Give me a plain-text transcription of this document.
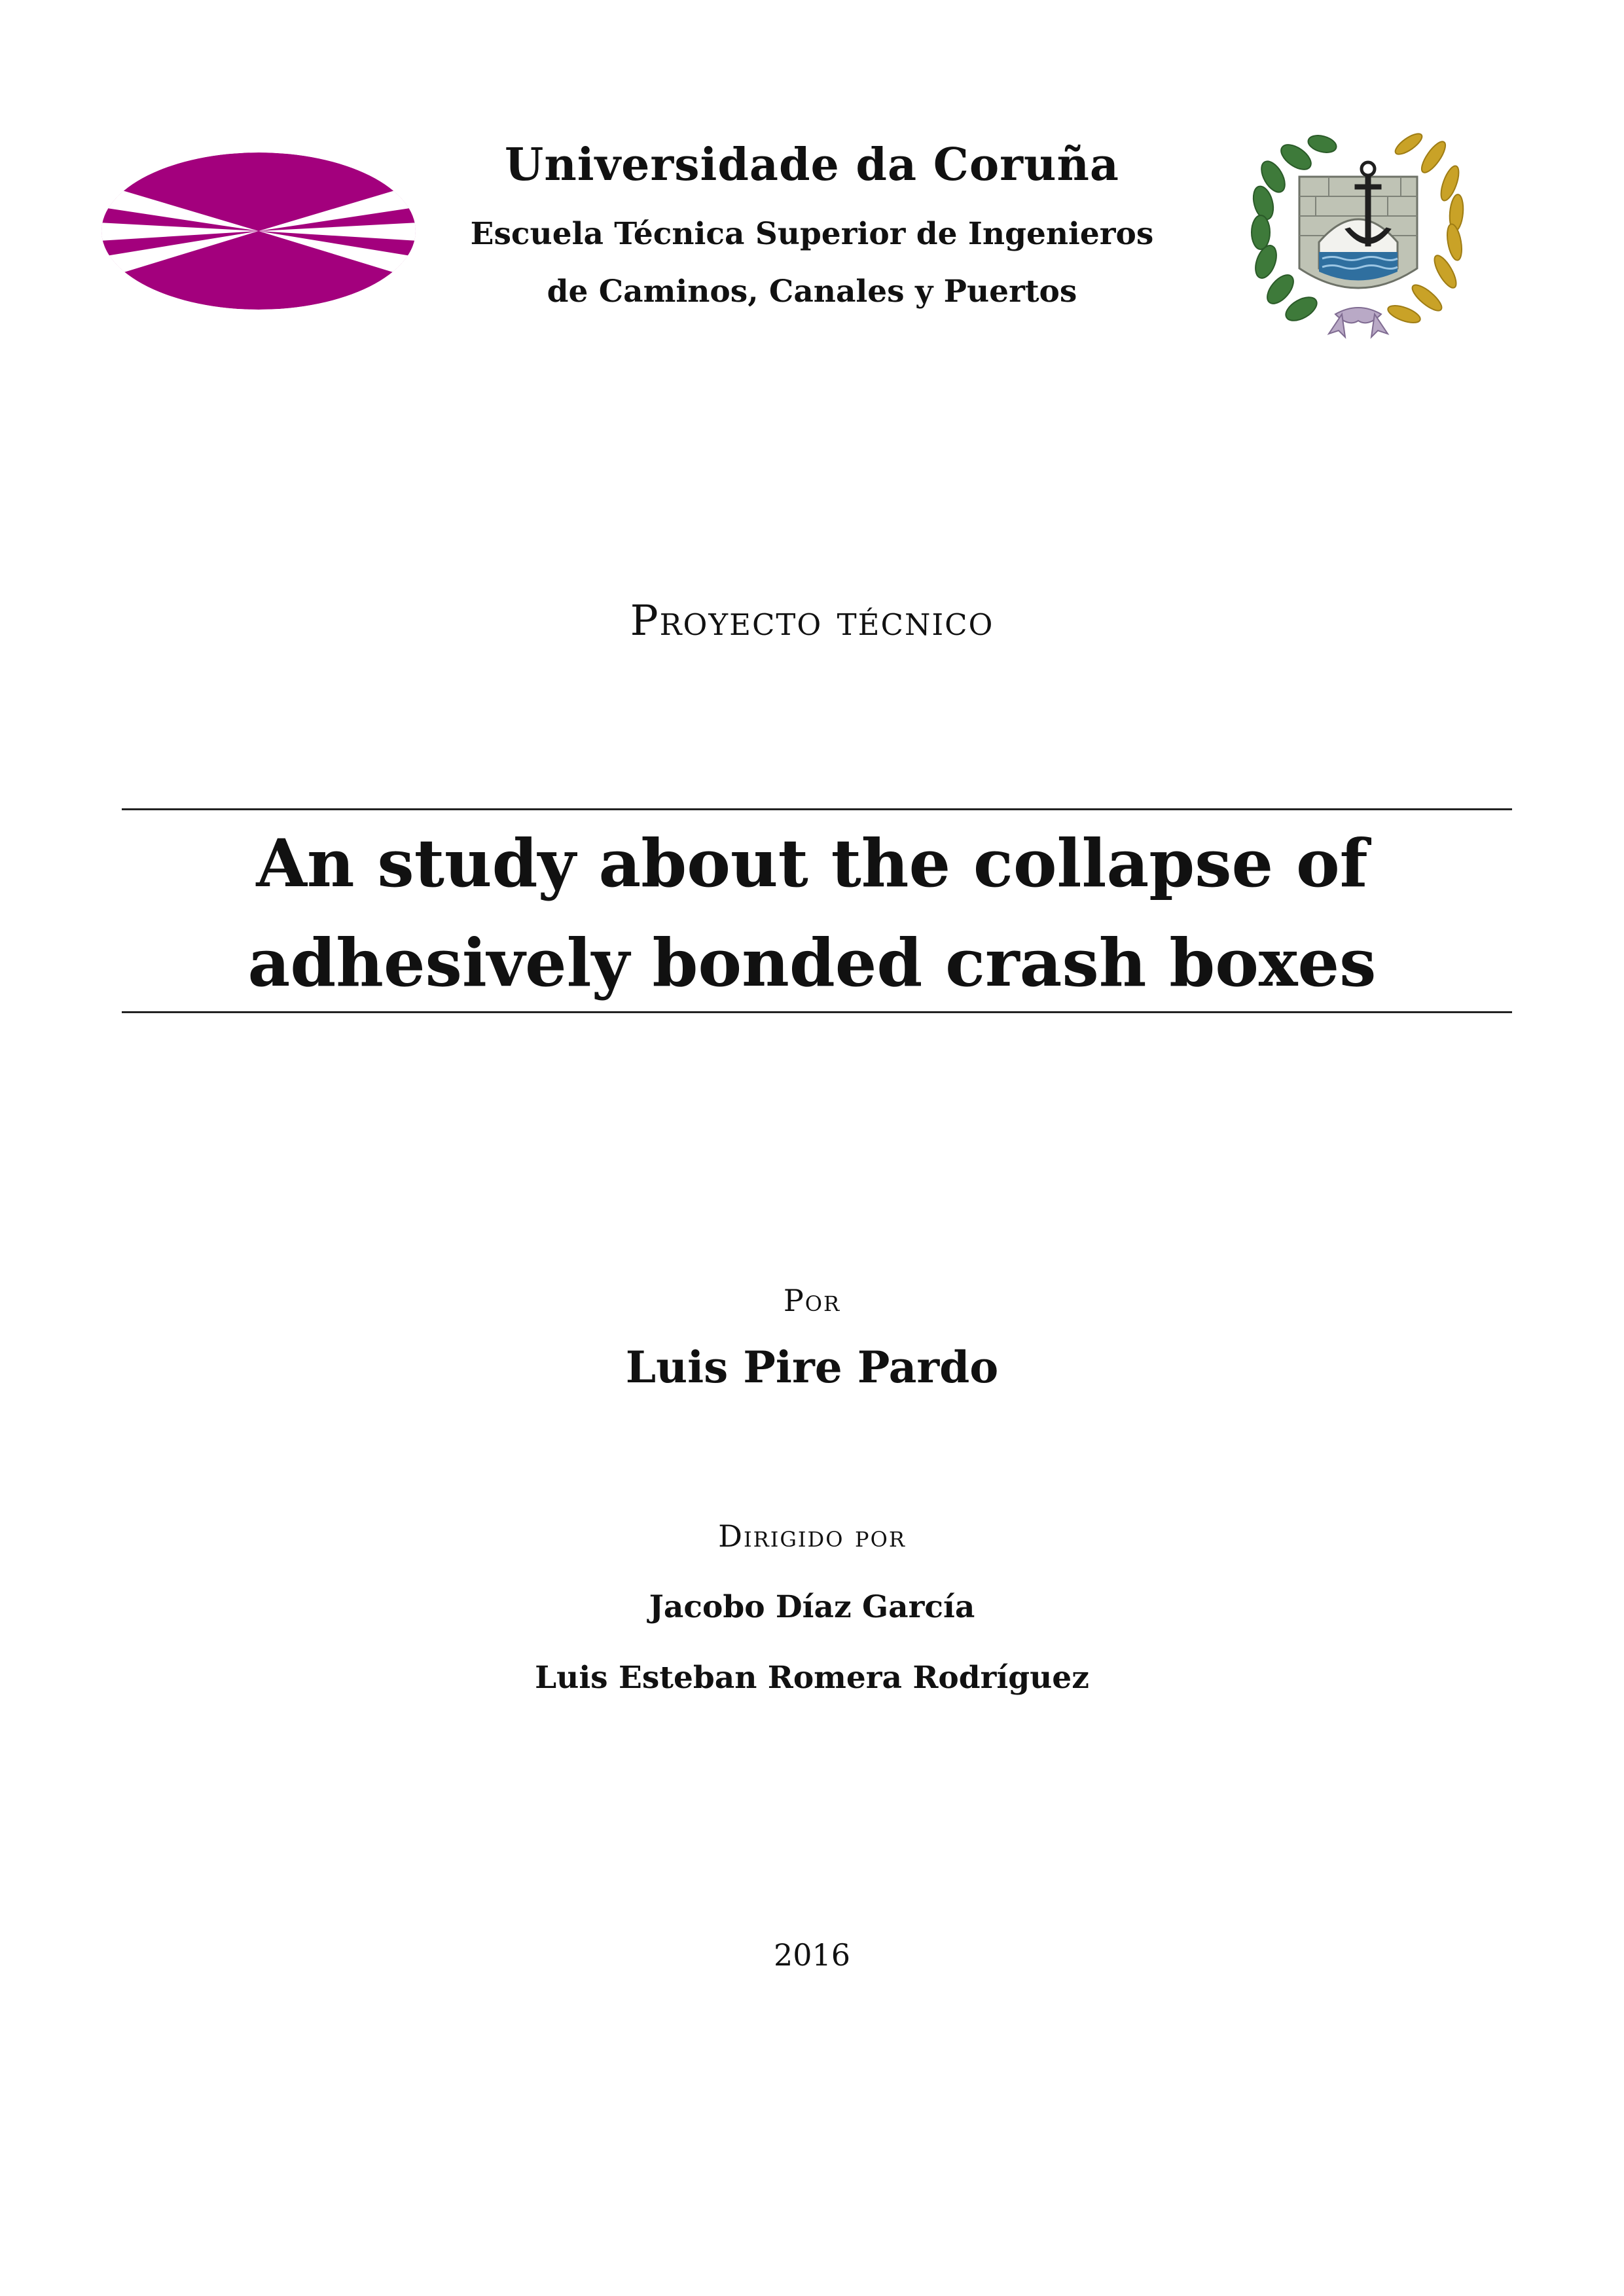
Universidade da Coruña
Escuela Técnica Superior de Ingenieros
de Caminos, Canales y Puertos
Proyecto técnico
An study about the collapse of
adhesively bonded crash boxes
Por
Luis Pire Pardo
Dirigido por
Jacobo Díaz García
Luis Esteban Romera Rodríguez
2016
